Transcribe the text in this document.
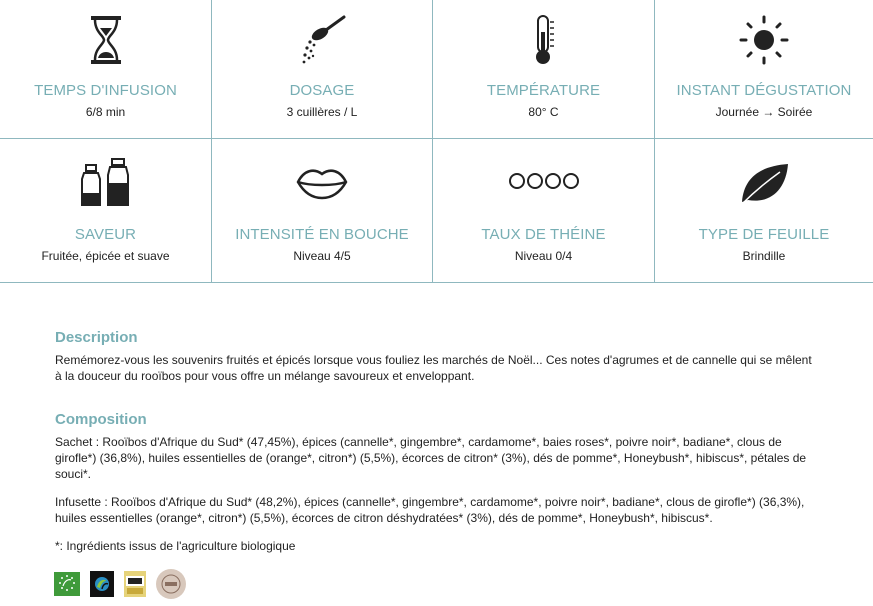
TEMPS D'INFUSION
6/8 min
DOSAGE
3 cuillères / L
TEMPÉRATURE
80° C
INSTANT DÉGUSTATION
Journée → Soirée
SAVEUR
Fruitée, épicée et suave
INTENSITÉ EN BOUCHE
Niveau 4/5
TAUX DE THÉINE
Niveau 0/4
TYPE DE FEUILLE
Brindille
Description

Remémorez-vous les souvenirs fruités et épicés lorsque vous fouliez les marchés de Noël... Ces notes d'agrumes et de cannelle qui se mêlent à la douceur du rooïbos pour vous offre un mélange savoureux et enveloppant.

Composition

Sachet : Rooïbos d'Afrique du Sud* (47,45%), épices (cannelle*, gingembre*, cardamome*, baies roses*, poivre noir*, badiane*, clous de girofle*) (36,8%), huiles essentielles de (orange*, citron*) (5,5%), écorces de citron* (3%), dés de pomme*, Honeybush*, hibiscus*, pétales de souci*.

Infusette : Rooïbos d'Afrique du Sud* (48,2%), épices (cannelle*, gingembre*, cardamome*, poivre noir*, badiane*, clous de girofle*) (36,3%), huiles essentielles (orange*, citron*) (5,5%), écorces de citron déshydratées* (3%), dés de pomme*, Honeybush*, hibiscus*.

*: Ingrédients issus de l'agriculture biologique
